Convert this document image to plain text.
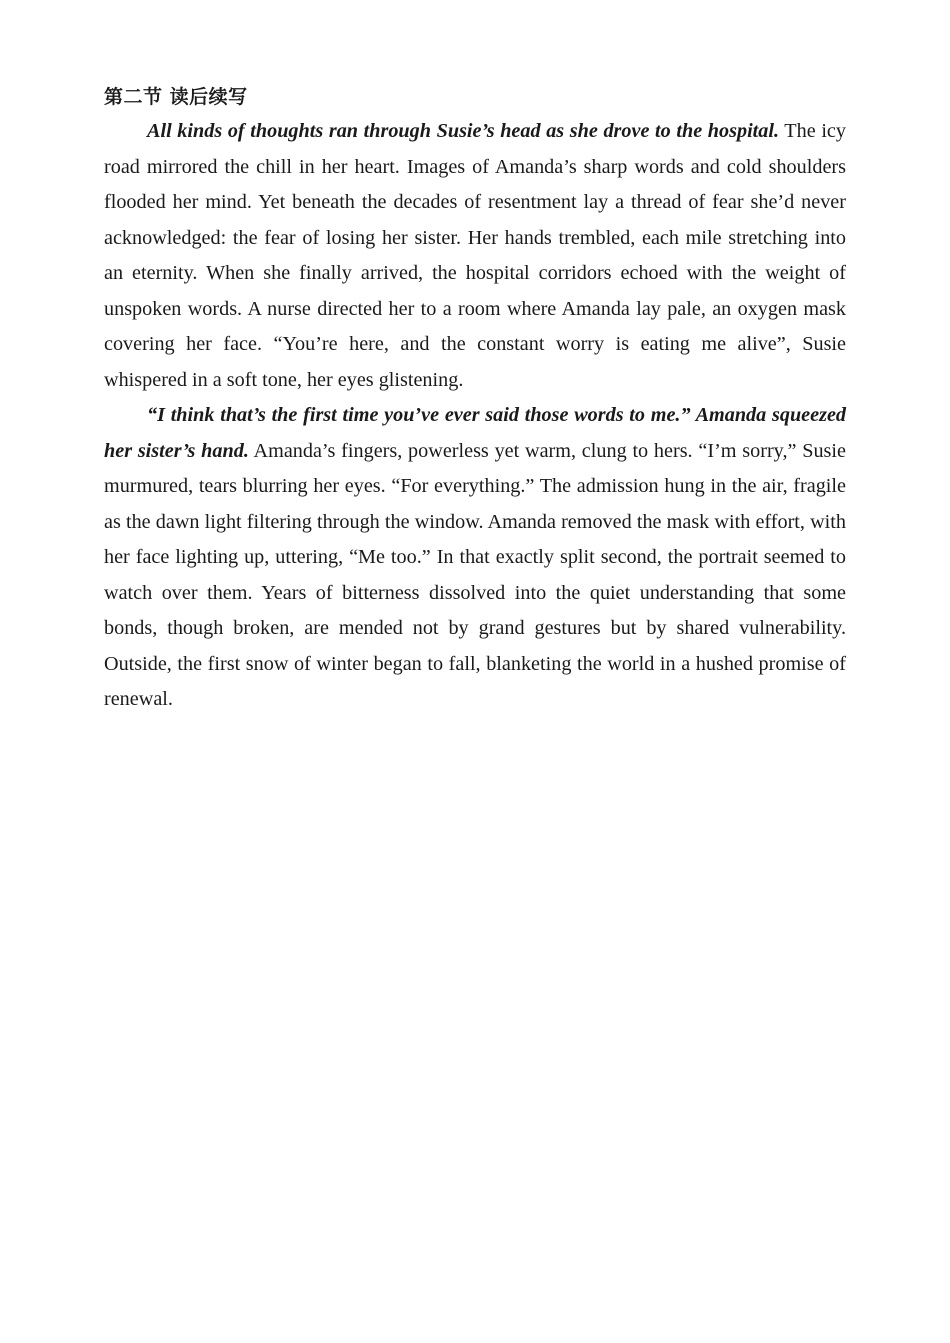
第二节 读后续写

All kinds of thoughts ran through Susie’s head as she drove to the hospital. The icy road mirrored the chill in her heart. Images of Amanda’s sharp words and cold shoulders flooded her mind. Yet beneath the decades of resentment lay a thread of fear she’d never acknowledged: the fear of losing her sister. Her hands trembled, each mile stretching into an eternity. When she finally arrived, the hospital corridors echoed with the weight of unspoken words. A nurse directed her to a room where Amanda lay pale, an oxygen mask covering her face. “You’re here, and the constant worry is eating me alive”, Susie whispered in a soft tone, her eyes glistening.

“I think that’s the first time you’ve ever said those words to me.” Amanda squeezed her sister’s hand. Amanda’s fingers, powerless yet warm, clung to hers. “I’m sorry,” Susie murmured, tears blurring her eyes. “For everything.” The admission hung in the air, fragile as the dawn light filtering through the window. Amanda removed the mask with effort, with her face lighting up, uttering, “Me too.” In that exactly split second, the portrait seemed to watch over them. Years of bitterness dissolved into the quiet understanding that some bonds, though broken, are mended not by grand gestures but by shared vulnerability. Outside, the first snow of winter began to fall, blanketing the world in a hushed promise of renewal.
